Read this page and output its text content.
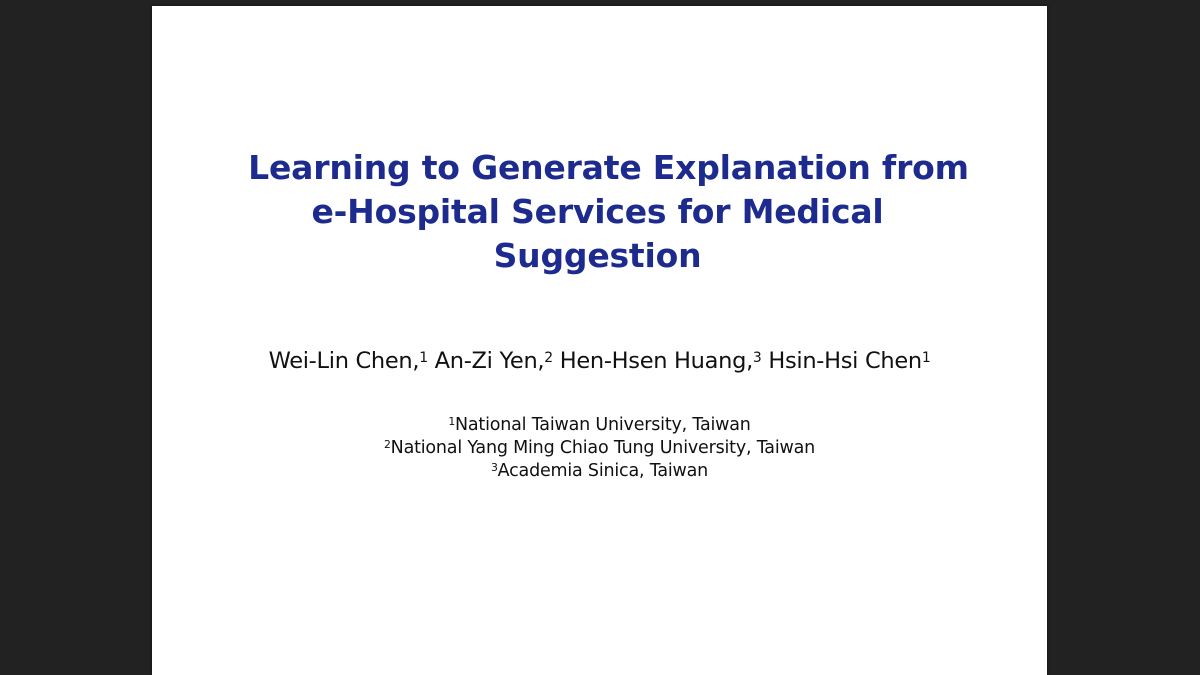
Learning to Generate Explanation from
e-Hospital Services for Medical
Suggestion
Wei-Lin Chen,$^1$ An-Zi Yen,$^2$ Hen-Hsen Huang,$^3$ Hsin-Hsi Chen$^1$
$^1$National Taiwan University, Taiwan
$^2$National Yang Ming Chiao Tung University, Taiwan
$^3$Academia Sinica, Taiwan
